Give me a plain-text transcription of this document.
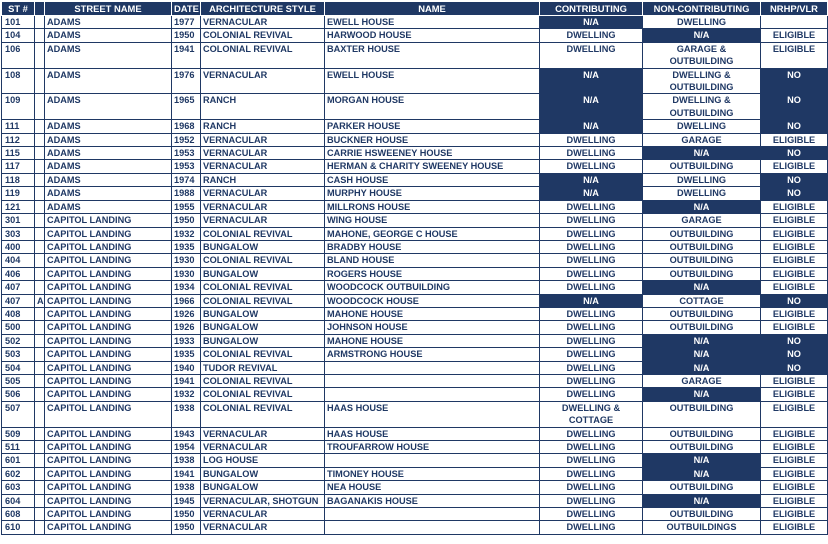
ST #		STREET NAME	DATE	ARCHITECTURE STYLE	NAME	CONTRIBUTING	NON-CONTRIBUTING	NRHP/VLR
101		ADAMS	1977	VERNACULAR	EWELL HOUSE	N/A	DWELLING	
104		ADAMS	1950	COLONIAL REVIVAL	HARWOOD HOUSE	DWELLING	N/A	ELIGIBLE
106		ADAMS	1941	COLONIAL REVIVAL	BAXTER HOUSE	DWELLING	GARAGE & OUTBUILDING	ELIGIBLE
108		ADAMS	1976	VERNACULAR	EWELL HOUSE	N/A	DWELLING & OUTBUILDING	NO
109		ADAMS	1965	RANCH	MORGAN HOUSE	N/A	DWELLING & OUTBUILDING	NO
111		ADAMS	1968	RANCH	PARKER HOUSE	N/A	DWELLING	NO
112		ADAMS	1952	VERNACULAR	BUCKNER HOUSE	DWELLING	GARAGE	ELIGIBLE
115		ADAMS	1953	VERNACULAR	CARRIE HSWEENEY HOUSE	DWELLING	N/A	NO
117		ADAMS	1953	VERNACULAR	HERMAN & CHARITY SWEENEY HOUSE	DWELLING	OUTBUILDING	ELIGIBLE
118		ADAMS	1974	RANCH	CASH HOUSE	N/A	DWELLING	NO
119		ADAMS	1988	VERNACULAR	MURPHY HOUSE	N/A	DWELLING	NO
121		ADAMS	1955	VERNACULAR	MILLRONS HOUSE	DWELLING	N/A	ELIGIBLE
301		CAPITOL LANDING	1950	VERNACULAR	WING HOUSE	DWELLING	GARAGE	ELIGIBLE
303		CAPITOL LANDING	1932	COLONIAL REVIVAL	MAHONE, GEORGE C HOUSE	DWELLING	OUTBUILDING	ELIGIBLE
400		CAPITOL LANDING	1935	BUNGALOW	BRADBY HOUSE	DWELLING	OUTBUILDING	ELIGIBLE
404		CAPITOL LANDING	1930	COLONIAL REVIVAL	BLAND HOUSE	DWELLING	OUTBUILDING	ELIGIBLE
406		CAPITOL LANDING	1930	BUNGALOW	ROGERS HOUSE	DWELLING	OUTBUILDING	ELIGIBLE
407		CAPITOL LANDING	1934	COLONIAL REVIVAL	WOODCOCK OUTBUILDING	DWELLING	N/A	ELIGIBLE
407	A	CAPITOL LANDING	1966	COLONIAL REVIVAL	WOODCOCK HOUSE	N/A	COTTAGE	NO
408		CAPITOL LANDING	1926	BUNGALOW	MAHONE HOUSE	DWELLING	OUTBUILDING	ELIGIBLE
500		CAPITOL LANDING	1926	BUNGALOW	JOHNSON HOUSE	DWELLING	OUTBUILDING	ELIGIBLE
502		CAPITOL LANDING	1933	BUNGALOW	MAHONE HOUSE	DWELLING	N/A	NO
503		CAPITOL LANDING	1935	COLONIAL REVIVAL	ARMSTRONG HOUSE	DWELLING	N/A	NO
504		CAPITOL LANDING	1940	TUDOR REVIVAL		DWELLING	N/A	NO
505		CAPITOL LANDING	1941	COLONIAL REVIVAL		DWELLING	GARAGE	ELIGIBLE
506		CAPITOL LANDING	1932	COLONIAL REVIVAL		DWELLING	N/A	ELIGIBLE
507		CAPITOL LANDING	1938	COLONIAL REVIVAL	HAAS HOUSE	DWELLING & COTTAGE	OUTBUILDING	ELIGIBLE
509		CAPITOL LANDING	1943	VERNACULAR	HAAS HOUSE	DWELLING	OUTBUILDING	ELIGIBLE
511		CAPITOL LANDING	1954	VERNACULAR	TROUFARROW HOUSE	DWELLING	OUTBUILDING	ELIGIBLE
601		CAPITOL LANDING	1938	LOG HOUSE		DWELLING	N/A	ELIGIBLE
602		CAPITOL LANDING	1941	BUNGALOW	TIMONEY HOUSE	DWELLING	N/A	ELIGIBLE
603		CAPITOL LANDING	1938	BUNGALOW	NEA HOUSE	DWELLING	OUTBUILDING	ELIGIBLE
604		CAPITOL LANDING	1945	VERNACULAR, SHOTGUN	BAGANAKIS HOUSE	DWELLING	N/A	ELIGIBLE
608		CAPITOL LANDING	1950	VERNACULAR		DWELLING	OUTBUILDING	ELIGIBLE
610		CAPITOL LANDING	1950	VERNACULAR		DWELLING	OUTBUILDINGS	ELIGIBLE
